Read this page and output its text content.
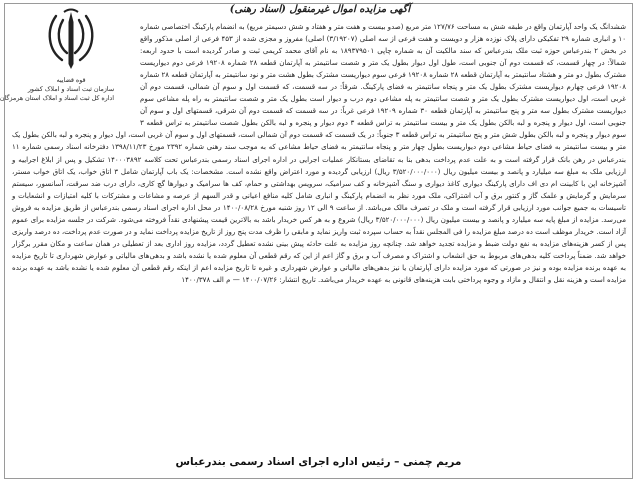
آگهی مزایده اموال غیرمنقول (اسناد رهنی)
قوه قضاییه
سازمان ثبت اسناد و املاک کشور
اداره کل ثبت اسناد و املاک استان هرمزگان
ششدانگ یک واحد آپارتمان واقع در طبقه شش به مساحت ۱۲۷/۷۶ متر مربع (صدو بیست و هفت متر و هفتاد و شش دسیمتر مربع) به انضمام پارکینگ اختصاصی شماره ۱۰ و انباری شماره ۲۹ تفکیکی دارای پلاک نوزده هزار و دویست و هفت فرعی از سه اصلی (۳/۱۹۲۰۷) اصلی) مفروز و مجزی شده از ۴۵۳ فرعی از اصلی مذکور واقع در بخش ۲ بندرعباس حوزه ثبت ملک بندرعباس که سند مالکیت آن به شماره چاپی ۱۸۹۳۷۹۵۰۱ به نام آقای محمد کریمی ثبت و صادر گردیده است با حدود اربعه: شمالاً: در چهار قسمت، که قسمت دوم آن جنوبی است، طول اول دیوار بطول یک متر و شصت سانتیمتر به آپارتمان قطعه ۲۸ شماره ۱۹۲۰۸ فرعی دوم دیواریست مشترک بطول دو متر و هشتاد سانتیمتر به آپارتمان قطعه ۲۸ شماره ۱۹۲۰۸ فرعی سوم دیواریست مشترک بطول هشت متر و نود سانتیمتر به آپارتمان قطعه ۲۸ شماره ۱۹۲۰۸ فرعی چهارم دیواریست مشترک بطول یک متر و پنجاه سانتیمتر به فضای پارکینگ. شرقاً: در سه قسمت، که قسمت اول و سوم آن شمالی، قسمت دوم آن غربی است، اول دیواریست مشترک بطول یک متر و شصت سانتیمتر به پله مشاعی دوم درب و دیوار است بطول یک متر و شصت سانتیمتر به راه پله مشاعی سوم دیواریست مشترک بطول سه متر و پنج سانتیمتر به آپارتمان قطعه ۳۰ شماره ۱۹۲۰۹ فرعی غرباً: در سه قسمت که قسمت دوم آن شرقی، قسمتهای اول و سوم آن جنوبی است، اول دیوار و پنجره و لبه بالکن بطول یک متر و بیست سانتیمتر به تراس قطعه ۳ دوم دیوار و پنجره و لبه بالکن بطول شصت سانتیمتر به تراس قطعه ۳ سوم دیوار و پنجره و لبه بالکن بطول شش متر و پنج سانتیمتر به تراس قطعه ۳ جنوباً: در یک قسمت که قسمت دوم آن شمالی است، قسمتهای اول و سوم آن غربی است، اول دیوار و پنجره و لبه بالکن بطول یک متر و بیست سانتیمتر به فضای حیاط مشاعی دوم دیواریست بطول چهار متر و پنجاه سانتیمتر به فضای حیاط مشاعی که به موجب سند رهنی شماره ۲۳۹۲ مورخ ۱۳۹۸/۱۱/۲۳ دفترخانه اسناد رسمی شماره ۱۱ بندرعباس در رهن بانک قرار گرفته است و به علت عدم پرداخت بدهی بنا به تقاضای بستانکار عملیات اجرایی در اداره اجرای اسناد رسمی بندرعباس تحت کلاسه ۱۴۰۰۰۳۸۹۲ تشکیل و پس از ابلاغ اجراییه و ارزیابی ملک به مبلغ سه میلیارد و پانصد و بیست میلیون ریال (۳/۵۲۰/۰۰۰/۰۰۰ ریال) ارزیابی گردیده و مورد اعتراض واقع نشده است. مشخصات: یک باب آپارتمان شامل ۳ اتاق خواب، یک اتاق خواب مستر، آشپزخانه اپن با کابینت ام دی اف دارای پارکینگ دیواری کاغذ دیواری و سنگ آشپزخانه و کف سرامیک، سرویس بهداشتی و حمام، کف ها سرامیک و دیوارها گچ کاری، دارای درب ضد سرقت، آسانسور، سیستم سرمایش و گرمایش و علمک گاز و کنتور برق و آب اشتراکی، ملک مورد نظر به انضمام پارکینگ و انباری شامل کلیه منافع اعیانی و قدر السهم از عرصه و مشاعات و مشترکات با کلیه امتیازات و انشعابات و تاسیسات به جمیع جوانب مورد ارزیابی قرار گرفته است و ملک در تصرف مالک می‌باشد. از ساعت ۹ الی ۱۲ روز شنبه مورخ ۱۴۰۰/۰۸/۲۸ در محل اداره اجرای اسناد رسمی بندرعباس از طریق مزایده به فروش می‌رسد. مزایده از مبلغ پایه سه میلیارد و پانصد و بیست میلیون ریال (۳/۵۲۰/۰۰۰/۰۰۰ ریال) شروع و به هر کس خریدار باشد به بالاترین قیمت پیشنهادی نقداً فروخته می‌شود. شرکت در جلسه مزایده برای عموم آزاد است. خریدار موظف است ده درصد مبلغ مزایده را فی المجلس نقداً به حساب سپرده ثبت واریز نماید و مابقی را ظرف مدت پنج روز از تاریخ مزایده پرداخت نماید و در صورت عدم پرداخت، ده درصد واریزی پس از کسر هزینه‌های مزایده به نفع دولت ضبط و مزایده تجدید خواهد شد. چنانچه روز مزایده به علت حادثه پیش بینی نشده تعطیل گردد، مزایده روز اداری بعد از تعطیلی در همان ساعت و مکان مقرر برگزار خواهد شد. ضمناً پرداخت کلیه بدهی‌های مربوط به حق انشعاب و اشتراک و مصرف آب و برق و گاز اعم از این که رقم قطعی آن معلوم شده یا نشده باشد و بدهی‌های مالیاتی و عوارض شهرداری تا تاریخ مزایده به عهده برنده مزایده بوده و نیز در صورتی که مورد مزایده دارای آپارتمان یا نیز بدهی‌های مالیاتی و عوارض شهرداری و غیره تا تاریخ مزایده اعم از اینکه رقم قطعی آن معلوم شده یا نشده باشد به عهده برنده مزایده است و هزینه نقل و انتقال و مازاد و وجوه پرداختی بابت هزینه‌های قانونی به عهده خریدار می‌باشد. تاریخ انتشار: ۱۴۰۰/۰۷/۲۶ — م الف ۱۴۰۰/۳۷۸
مریم چمنی – رئیس اداره اجرای اسناد رسمی بندرعباس
